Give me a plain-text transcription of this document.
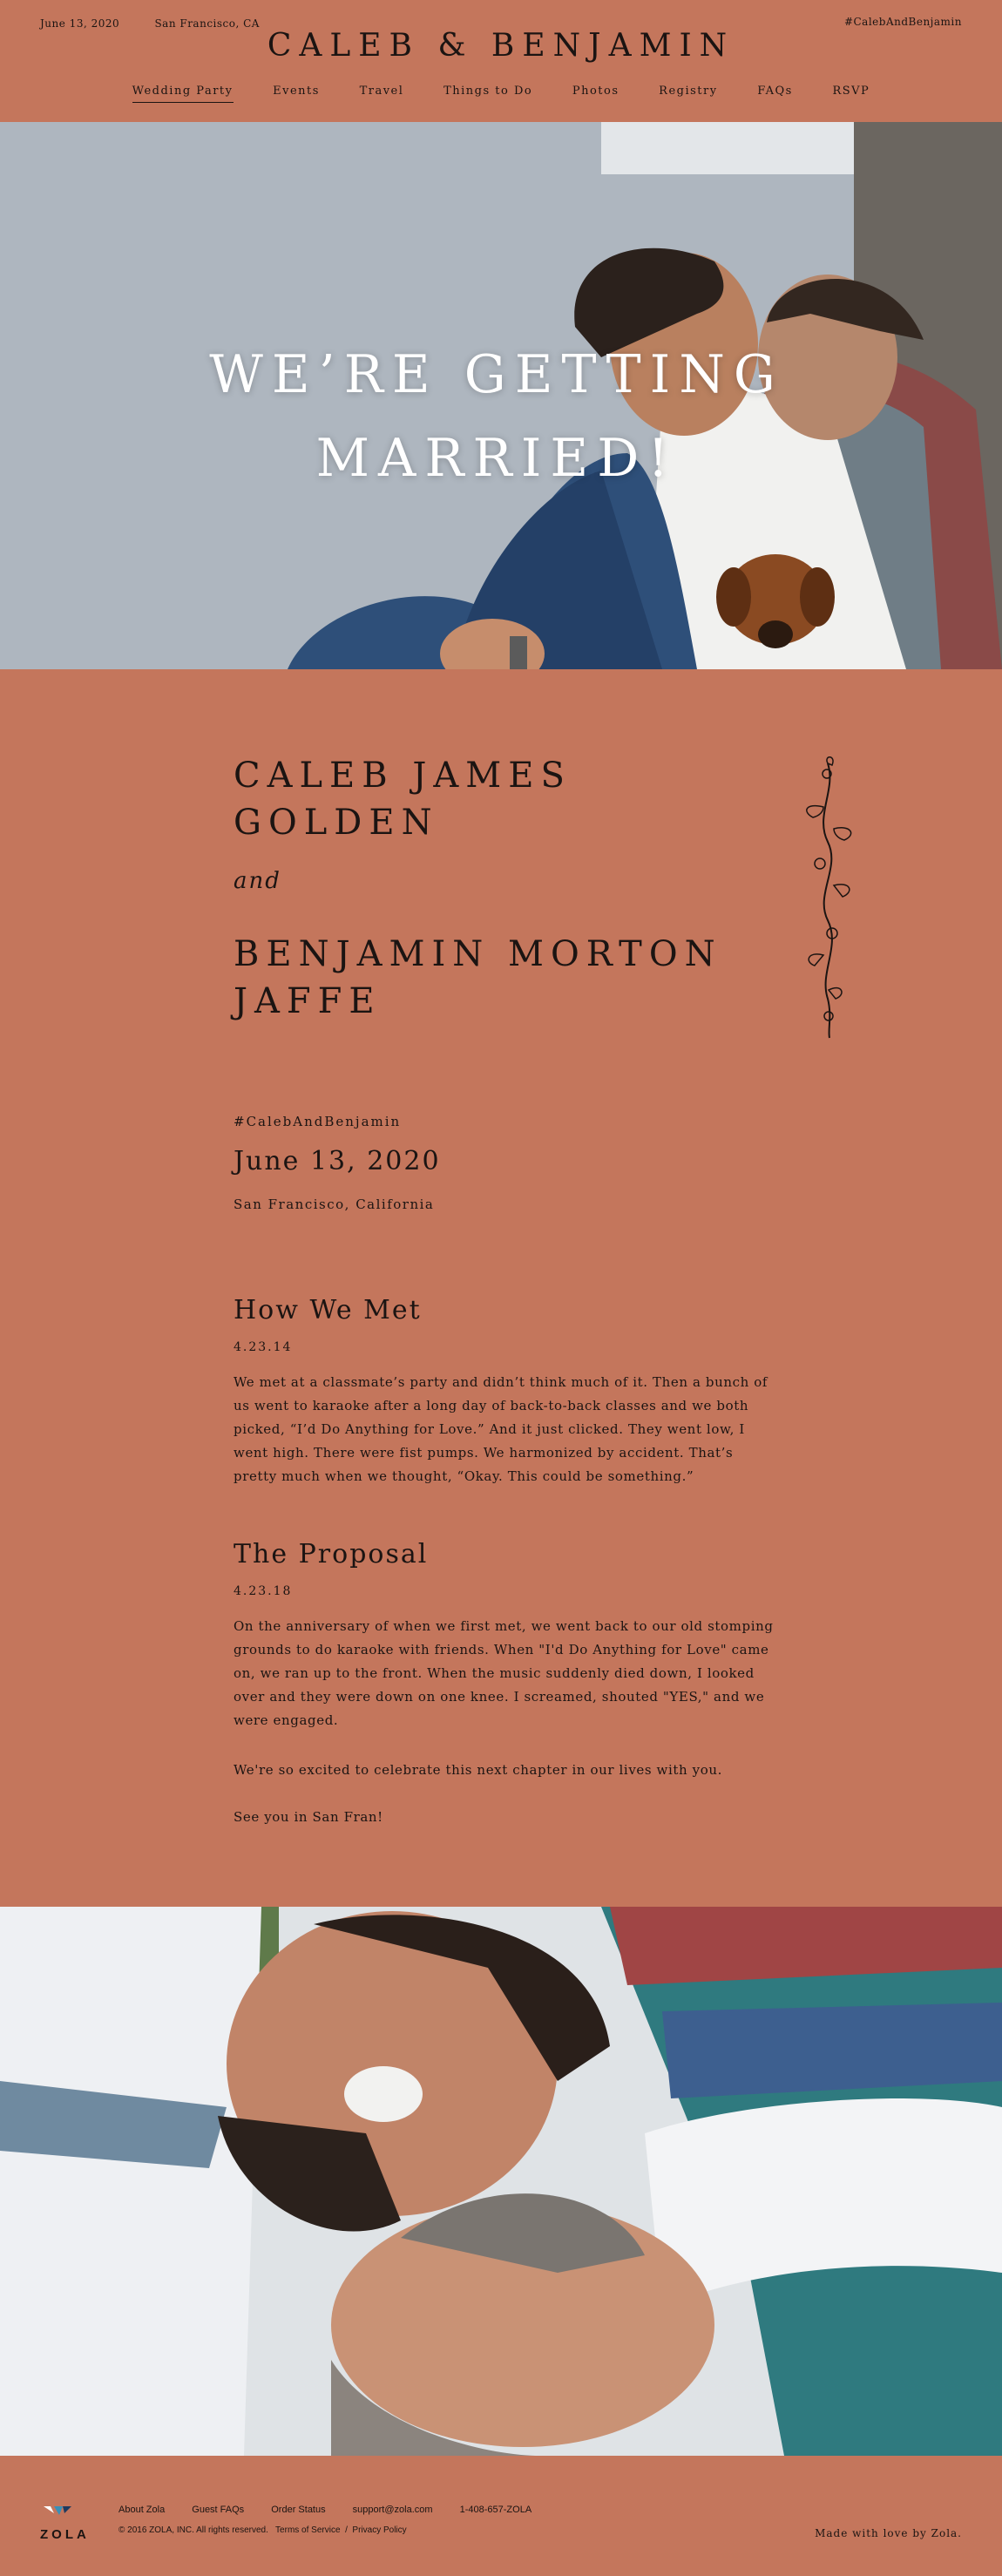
June 13, 2020	San Francisco, CA	#CalebAndBenjamin
CALEB & BENJAMIN
Wedding Party	Events	Travel	Things to Do	Photos	Registry	FAQs	RSVP
WE’RE GETTING
MARRIED!
CALEB JAMES
GOLDEN
and
BENJAMIN MORTON
JAFFE
#CalebAndBenjamin
June 13, 2020
San Francisco, California
How We Met
4.23.14

We met at a classmate’s party and didn’t think much of it. Then a bunch of us went to karaoke after a long day of back-to-back classes and we both picked, “I’d Do Anything for Love.” And it just clicked. They went low, I went high. There were fist pumps. We harmonized by accident. That’s pretty much when we thought, “Okay. This could be something.”

The Proposal
4.23.18

On the anniversary of when we first met, we went back to our old stomping grounds to do karaoke with friends. When "I'd Do Anything for Love" came on, we ran up to the front. When the music suddenly died down, I looked over and they were down on one knee. I screamed, shouted "YES," and we were engaged.

We're so excited to celebrate this next chapter in our lives with you.

See you in San Fran!

ZOLA
About Zola	Guest FAQs	Order Status	support@zola.com	1-408-657-ZOLA
© 2016 ZOLA, INC. All rights reserved. Terms of Service / Privacy Policy	Made with love by Zola.
